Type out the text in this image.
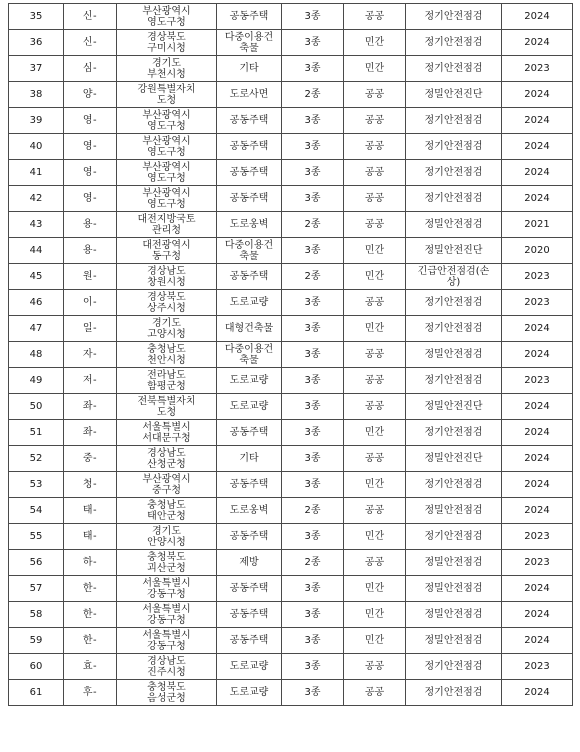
35	신-	부산광역시
영도구청	공동주택	3종	공공	정기안전점검	2024
36	신-	경상북도
구미시청	다중이용건
축물	3종	민간	정기안전점검	2024
37	심-	경기도
부천시청	기타	3종	민간	정기안전점검	2023
38	양-	강원특별자치
도청	도로사면	2종	공공	정밀안전진단	2024
39	영-	부산광역시
영도구청	공동주택	3종	공공	정기안전점검	2024
40	영-	부산광역시
영도구청	공동주택	3종	공공	정기안전점검	2024
41	영-	부산광역시
영도구청	공동주택	3종	공공	정기안전점검	2024
42	영-	부산광역시
영도구청	공동주택	3종	공공	정기안전점검	2024
43	용-	대전지방국토
관리청	도로옹벽	2종	공공	정밀안전점검	2021
44	용-	대전광역시
동구청	다중이용건
축물	3종	민간	정밀안전진단	2020
45	원-	경상남도
창원시청	공동주택	2종	민간	긴급안전점검(손
상)	2023
46	이-	경상북도
상주시청	도로교량	3종	공공	정기안전점검	2023
47	일-	경기도
고양시청	대형건축물	3종	민간	정기안전점검	2024
48	자-	충청남도
천안시청	다중이용건
축물	3종	공공	정밀안전점검	2024
49	저-	전라남도
함평군청	도로교량	3종	공공	정기안전점검	2023
50	좌-	전북특별자치
도청	도로교량	3종	공공	정밀안전진단	2024
51	좌-	서울특별시
서대문구청	공동주택	3종	민간	정기안전점검	2024
52	중-	경상남도
산청군청	기타	3종	공공	정밀안전진단	2024
53	청-	부산광역시
중구청	공동주택	3종	민간	정기안전점검	2024
54	태-	충청남도
태안군청	도로옹벽	2종	공공	정밀안전점검	2024
55	태-	경기도
안양시청	공동주택	3종	민간	정기안전점검	2023
56	하-	충청북도
괴산군청	제방	2종	공공	정밀안전점검	2023
57	한-	서울특별시
강동구청	공동주택	3종	민간	정밀안전점검	2024
58	한-	서울특별시
강동구청	공동주택	3종	민간	정밀안전점검	2024
59	한-	서울특별시
강동구청	공동주택	3종	민간	정밀안전점검	2024
60	효-	경상남도
진주시청	도로교량	3종	공공	정기안전점검	2023
61	후-	충청북도
음성군청	도로교량	3종	공공	정기안전점검	2024
